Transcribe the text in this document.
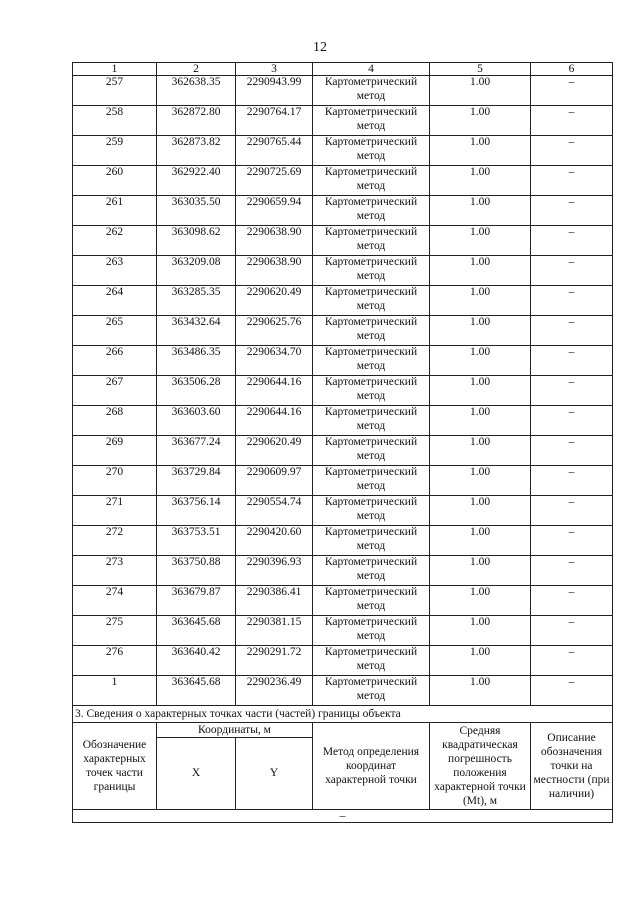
12
1	2	3	4	5	6
257	362638.35	2290943.99	Картометрический метод	1.00	–
258	362872.80	2290764.17	Картометрический метод	1.00	–
259	362873.82	2290765.44	Картометрический метод	1.00	–
260	362922.40	2290725.69	Картометрический метод	1.00	–
261	363035.50	2290659.94	Картометрический метод	1.00	–
262	363098.62	2290638.90	Картометрический метод	1.00	–
263	363209.08	2290638.90	Картометрический метод	1.00	–
264	363285.35	2290620.49	Картометрический метод	1.00	–
265	363432.64	2290625.76	Картометрический метод	1.00	–
266	363486.35	2290634.70	Картометрический метод	1.00	–
267	363506.28	2290644.16	Картометрический метод	1.00	–
268	363603.60	2290644.16	Картометрический метод	1.00	–
269	363677.24	2290620.49	Картометрический метод	1.00	–
270	363729.84	2290609.97	Картометрический метод	1.00	–
271	363756.14	2290554.74	Картометрический метод	1.00	–
272	363753.51	2290420.60	Картометрический метод	1.00	–
273	363750.88	2290396.93	Картометрический метод	1.00	–
274	363679.87	2290386.41	Картометрический метод	1.00	–
275	363645.68	2290381.15	Картометрический метод	1.00	–
276	363640.42	2290291.72	Картометрический метод	1.00	–
1	363645.68	2290236.49	Картометрический метод	1.00	–
3. Сведения о характерных точках части (частей) границы объекта					
Обозначение характерных точек части границы	Координаты, м		Метод определения координат характерной точки	Средняя квадратическая погрешность положения характерной точки (Mt), м	Описание обозначения точки на местности (при наличии)
	X	Y			
–					
